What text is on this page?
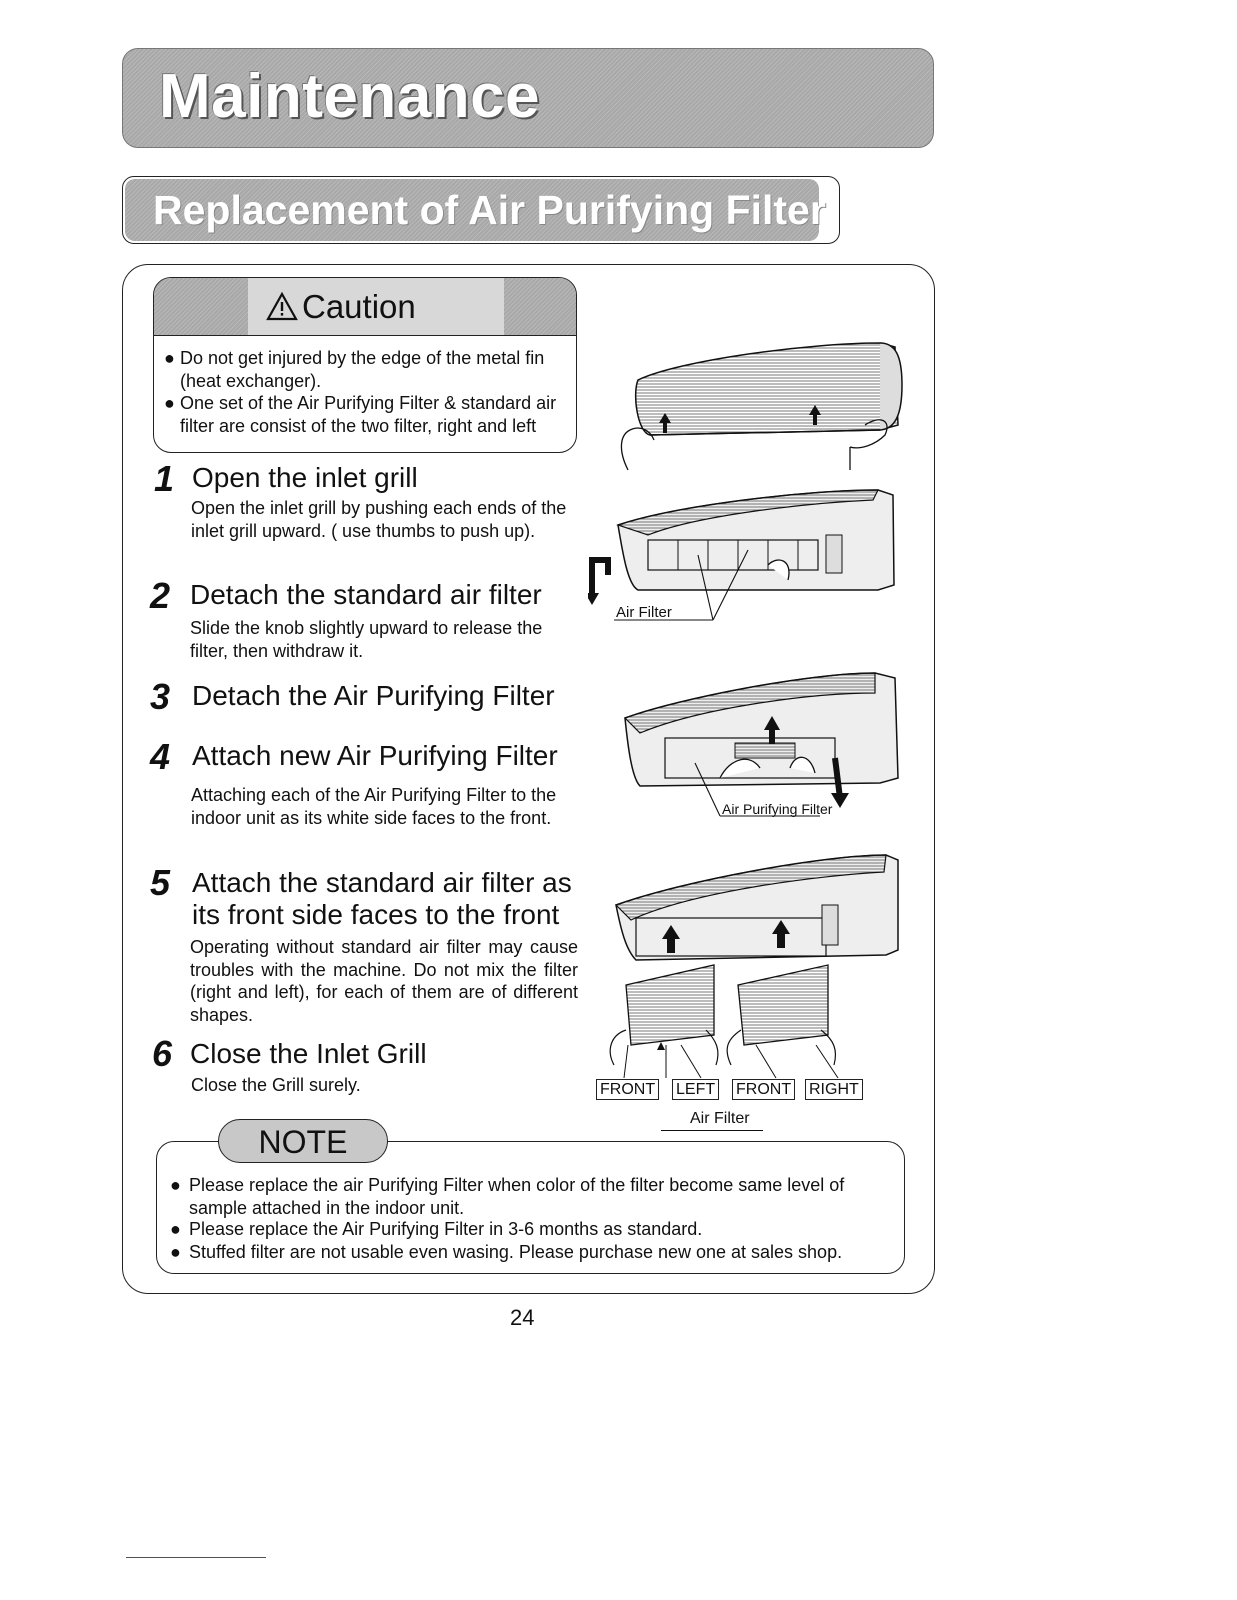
Maintenance
Replacement of Air Purifying Filter
Caution
● Do not get injured by the edge of the metal fin (heat exchanger).
● One set of the Air Purifying Filter & standard air filter are consist of the two filter, right and left
1 Open the inlet grill
Open the inlet grill by pushing each ends of the inlet grill upward. ( use thumbs to push up).
2 Detach the standard air filter
Slide the knob slightly upward to release the filter, then withdraw it.
3 Detach the Air Purifying Filter
4 Attach new Air Purifying Filter
Attaching each of the Air Purifying Filter to the indoor unit as its white side faces to the front.
5 Attach the standard air filter as
its front side faces to the front
Operating without standard air filter may cause troubles with the machine. Do not mix the filter (right and left), for each of them are of different shapes.
6 Close the Inlet Grill
Close the Grill surely.
Air Filter
Air Purifying Filter
FRONT LEFT FRONT RIGHT
Air Filter
NOTE
● Please replace the air Purifying Filter when color of the filter become same level of sample attached in the indoor unit.
● Please replace the Air Purifying Filter in 3-6 months as standard.
● Stuffed filter are not usable even wasing. Please purchase new one at sales shop.
24
